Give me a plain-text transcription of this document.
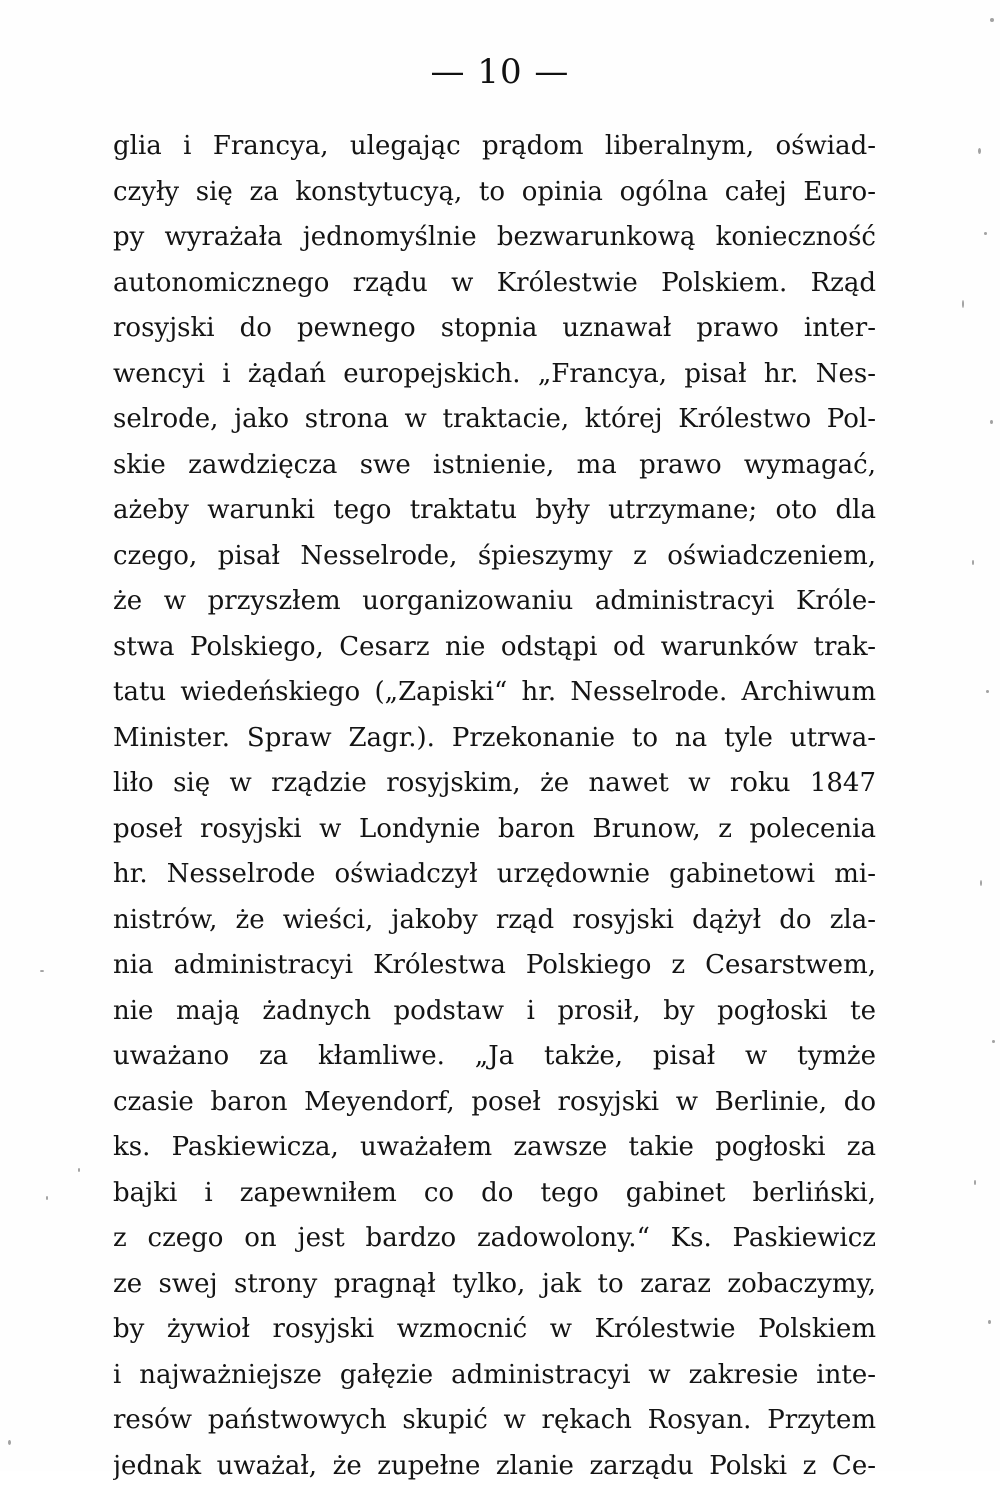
— 10 —
glia i Francya, ulegając prądom liberalnym, oświad-
czyły się za konstytucyą, to opinia ogólna całej Euro-
py wyrażała jednomyślnie bezwarunkową konieczność
autonomicznego rządu w Królestwie Polskiem. Rząd
rosyjski do pewnego stopnia uznawał prawo inter-
wencyi i żądań europejskich. „Francya, pisał hr. Nes-
selrode, jako strona w traktacie, której Królestwo Pol-
skie zawdzięcza swe istnienie, ma prawo wymagać,
ażeby warunki tego traktatu były utrzymane; oto dla
czego, pisał Nesselrode, śpieszymy z oświadczeniem,
że w przyszłem uorganizowaniu administracyi Króle-
stwa Polskiego, Cesarz nie odstąpi od warunków trak-
tatu wiedeńskiego („Zapiski“ hr. Nesselrode. Archiwum
Minister. Spraw Zagr.). Przekonanie to na tyle utrwa-
liło się w rządzie rosyjskim, że nawet w roku 1847
poseł rosyjski w Londynie baron Brunow, z polecenia
hr. Nesselrode oświadczył urzędownie gabinetowi mi-
nistrów, że wieści, jakoby rząd rosyjski dążył do zla-
nia administracyi Królestwa Polskiego z Cesarstwem,
nie mają żadnych podstaw i prosił, by pogłoski te
uważano za kłamliwe. „Ja także, pisał w tymże
czasie baron Meyendorf, poseł rosyjski w Berlinie, do
ks. Paskiewicza, uważałem zawsze takie pogłoski za
bajki i zapewniłem co do tego gabinet berliński,
z czego on jest bardzo zadowolony.“ Ks. Paskiewicz
ze swej strony pragnął tylko, jak to zaraz zobaczymy,
by żywioł rosyjski wzmocnić w Królestwie Polskiem
i najważniejsze gałęzie administracyi w zakresie inte-
resów państwowych skupić w rękach Rosyan. Przytem
jednak uważał, że zupełne zlanie zarządu Polski z Ce-
